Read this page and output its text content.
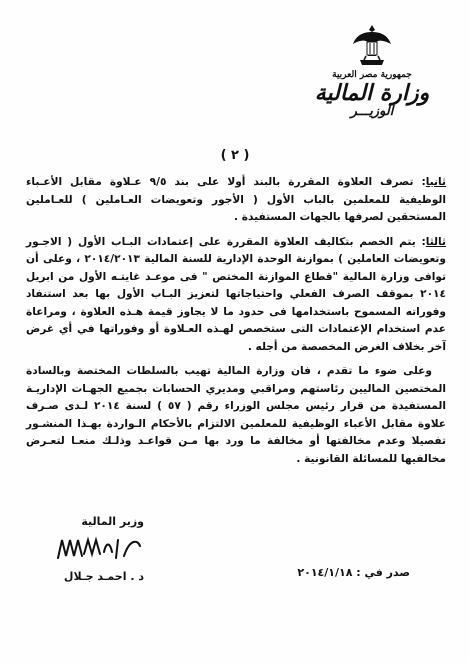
جمهورية مصر العربية
وزارة المالية
الوزيـــر
( ٢ )

ثانيا: تصرف العلاوة المقررة بالبند أولا على بند ٩/٥ عـلاوة مقابل الأعـباء الوظيفية للمعلمين بالباب الأول ( الأجور وتعويضات العـاملين ) للعـاملين المستحقين لصرفها بالجهات المستفيدة .

ثالثا: يتم الخصم بتكاليف العلاوة المقررة على إعتمادات البـاب الأول ( الاجـور وتعويضات العاملين ) بموازنة الوحدة الإدارية للسنة المالية ٢٠١٤/٢٠١٣ ، وعلى أن توافى وزارة المالية "قطاع الموازنة المختص " فى موعـد غايتـه الأول من ابريل ٢٠١٤ بموقف الصرف الفعلي واحتياجاتها لتعزيز البـاب الأول بها بعد استنفاد وفوراته المسموح باستخدامها فى حدود ما لا يجاوز قيمة هـذه العلاوة ، ومراعاة عدم استخدام الإعتمادات التى ستخصص لهـذه العـلاوة أو وفوراتها في أي غرض آخر بخلاف الغرض المخصصة من أجله .

وعلى ضوء ما تقدم ، فان وزارة المالية تهيب بالسلطات المختصة وبالسادة المختصين الماليين رئاستهم ومراقبي ومديري الحسابات بجميع الجهـات الإداريـة المستفيدة من قرار رئيس مجلس الوزراء رقم ( ٥٧ ) لسنة ٢٠١٤ لـدى صـرف علاوة مقابل الأعباء الوظيفية للمعلمين الالتزام بالأحكام الـواردة بهـذا المنشـور تفصيلا وعدم مخالفتها أو مخالفة ما ورد بها مـن قواعـد وذلـك منعـا لتعـرض مخالفيها للمسائلة القانونية .

وزير المالية
د . احمـد جـلال	صدر في : ٢٠١٤/١/١٨
